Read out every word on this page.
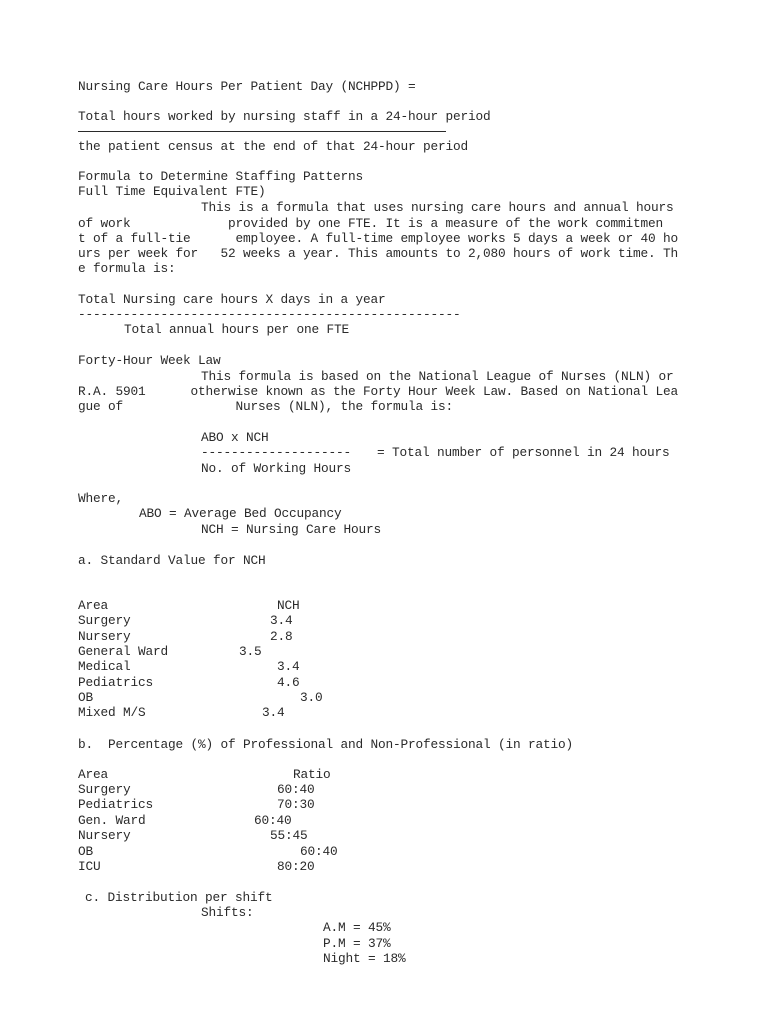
Nursing Care Hours Per Patient Day (NCHPPD) =
Total hours worked by nursing staff in a 24-hour period
the patient census at the end of that 24-hour period
Formula to Determine Staffing Patterns
Full Time Equivalent FTE)
This is a formula that uses nursing care hours and annual hours
of work             provided by one FTE. It is a measure of the work commitmen
t of a full-tie      employee. A full-time employee works 5 days a week or 40 ho
urs per week for   52 weeks a year. This amounts to 2,080 hours of work time. Th
e formula is:
Total Nursing care hours X days in a year
---------------------------------------------------
Total annual hours per one FTE
Forty-Hour Week Law
This formula is based on the National League of Nurses (NLN) or
R.A. 5901      otherwise known as the Forty Hour Week Law. Based on National Lea
gue of               Nurses (NLN), the formula is:
ABO x NCH
-------------------- = Total number of personnel in 24 hours
No. of Working Hours
Where,
ABO = Average Bed Occupancy
NCH = Nursing Care Hours
a. Standard Value for NCH
Area	NCH
Surgery	3.4
Nursery	2.8
General Ward	3.5
Medical	3.4
Pediatrics	4.6
OB	3.0
Mixed M/S	3.4
b.  Percentage (%) of Professional and Non-Professional (in ratio)
Area	Ratio
Surgery	60:40
Pediatrics	70:30
Gen. Ward	60:40
Nursery	55:45
OB	60:40
ICU	80:20
c. Distribution per shift
Shifts:
A.M = 45%
P.M = 37%
Night = 18%
